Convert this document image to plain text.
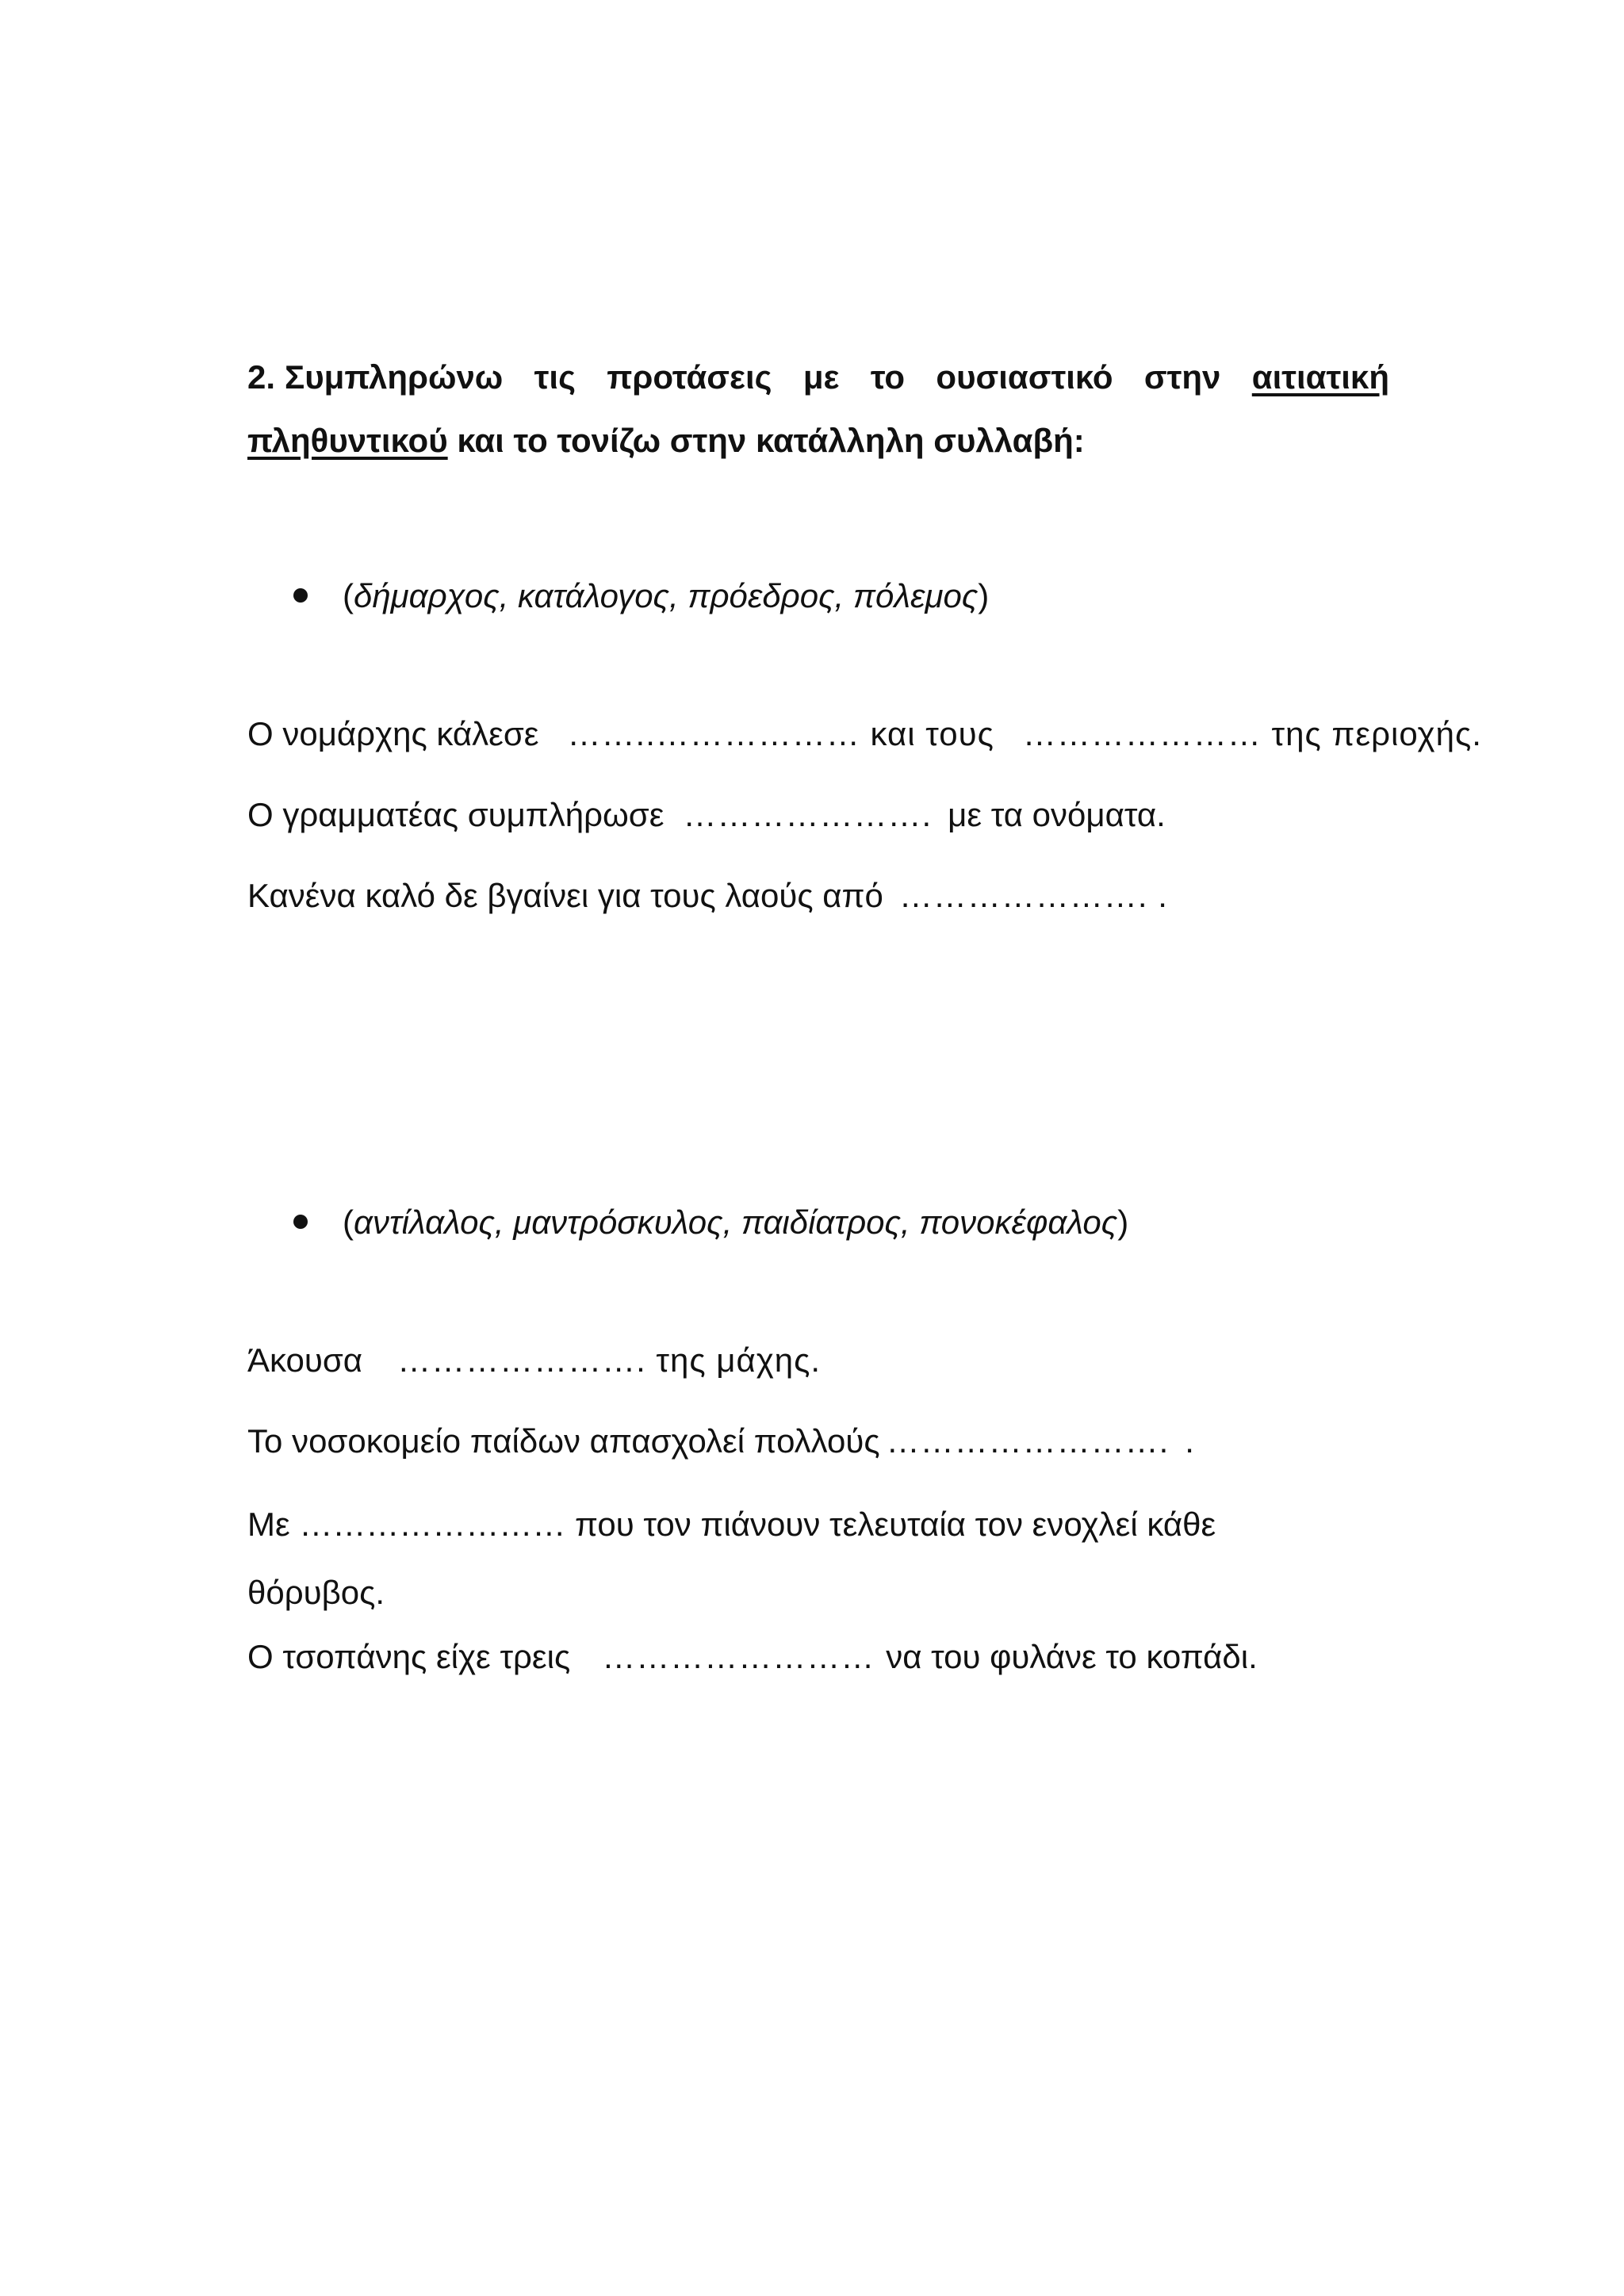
2. Συμπληρώνω τις προτάσεις με το ουσιαστικό στην αιτιατική πληθυντικού και το τονίζω στην κατάλληλη συλλαβή:
(δήμαρχος, κατάλογος, πρόεδρος, πόλεμος)
Ο νομάρχης κάλεσε ……..……………… και τους ………………… της περιοχής.
Ο γραμματέας συμπλήρωσε …………………. με τα ονόματα.
Κανένα καλό δε βγαίνει για τους λαούς από …………………. .
(αντίλαλος, μαντρόσκυλος, παιδίατρος, πονοκέφαλος)
Άκουσα …………………. της μάχης.
Το νοσοκομείο παίδων απασχολεί πολλούς ……………………. .
Με …………………… που τον πιάνουν τελευταία τον ενοχλεί κάθε θόρυβος.
Ο τσοπάνης είχε τρεις …………………… να του φυλάνε το κοπάδι.
